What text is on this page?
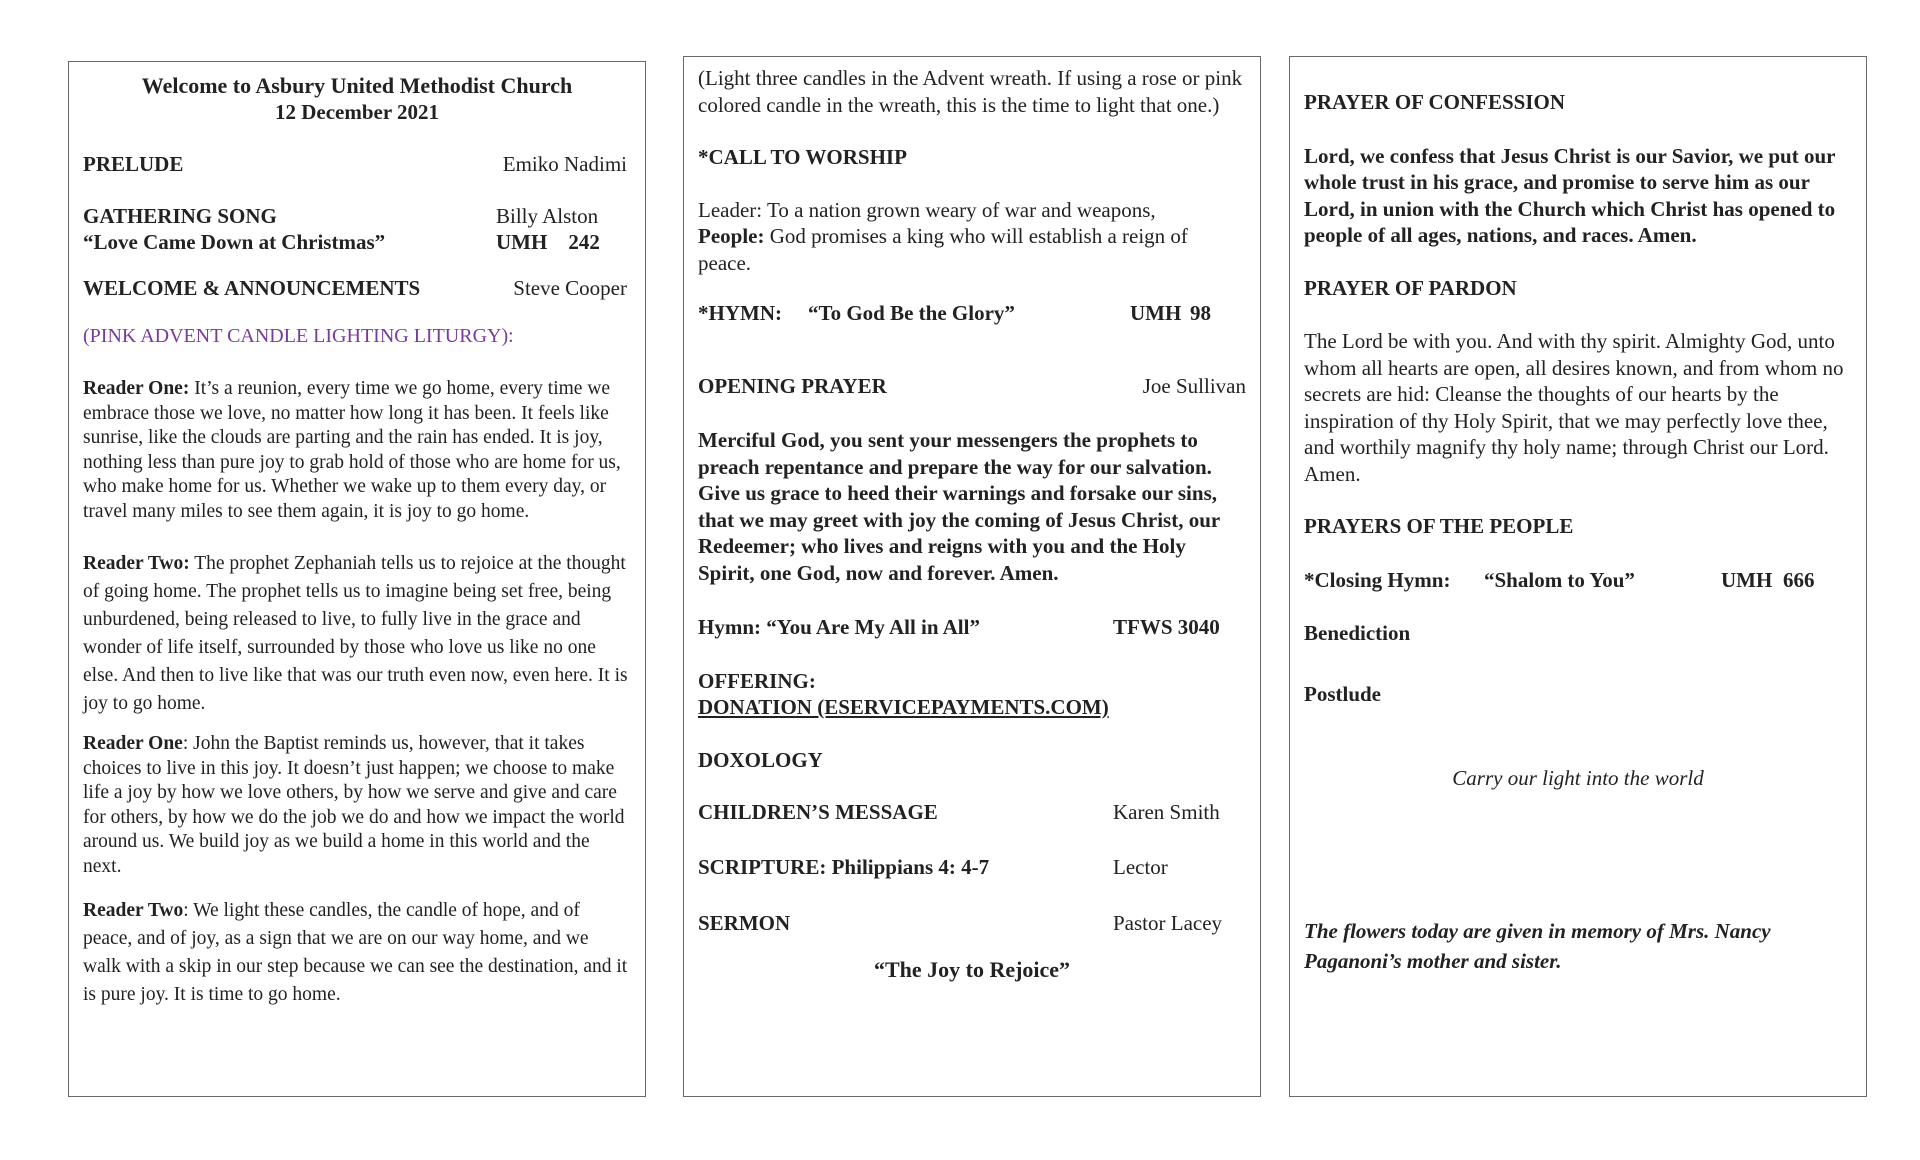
Welcome to Asbury United Methodist Church
12 December 2021
PRELUDE	Emiko Nadimi
GATHERING SONG	Billy Alston
“Love Came Down at Christmas”	UMH 242
WELCOME & ANNOUNCEMENTS	Steve Cooper
(PINK ADVENT CANDLE LIGHTING LITURGY):

Reader One: It’s a reunion, every time we go home, every time we embrace those we love, no matter how long it has been. It feels like sunrise, like the clouds are parting and the rain has ended. It is joy, nothing less than pure joy to grab hold of those who are home for us, who make home for us. Whether we wake up to them every day, or travel many miles to see them again, it is joy to go home.

Reader Two: The prophet Zephaniah tells us to rejoice at the thought of going home. The prophet tells us to imagine being set free, being unburdened, being released to live, to fully live in the grace and wonder of life itself, surrounded by those who love us like no one else. And then to live like that was our truth even now, even here. It is joy to go home.

Reader One: John the Baptist reminds us, however, that it takes choices to live in this joy. It doesn’t just happen; we choose to make life a joy by how we love others, by how we serve and give and care for others, by how we do the job we do and how we impact the world around us. We build joy as we build a home in this world and the next.

Reader Two: We light these candles, the candle of hope, and of peace, and of joy, as a sign that we are on our way home, and we walk with a skip in our step because we can see the destination, and it is pure joy. It is time to go home.

(Light three candles in the Advent wreath. If using a rose or pink colored candle in the wreath, this is the time to light that one.)
*CALL TO WORSHIP

Leader: To a nation grown weary of war and weapons,
People: God promises a king who will establish a reign of peace.

*HYMN:	“To God Be the Glory”	UMH 98
OPENING PRAYER	Joe Sullivan

Merciful God, you sent your messengers the prophets to preach repentance and prepare the way for our salvation. Give us grace to heed their warnings and forsake our sins, that we may greet with joy the coming of Jesus Christ, our Redeemer; who lives and reigns with you and the Holy Spirit, one God, now and forever. Amen.

Hymn: “You Are My All in All”	TFWS 3040
OFFERING:
DONATION (ESERVICEPAYMENTS.COM)
DOXOLOGY
CHILDREN’S MESSAGE	Karen Smith
SCRIPTURE: Philippians 4: 4-7	Lector
SERMON	Pastor Lacey
“The Joy to Rejoice”
PRAYER OF CONFESSION

Lord, we confess that Jesus Christ is our Savior, we put our whole trust in his grace, and promise to serve him as our Lord, in union with the Church which Christ has opened to people of all ages, nations, and races. Amen.

PRAYER OF PARDON

The Lord be with you. And with thy spirit. Almighty God, unto whom all hearts are open, all desires known, and from whom no secrets are hid: Cleanse the thoughts of our hearts by the inspiration of thy Holy Spirit, that we may perfectly love thee, and worthily magnify thy holy name; through Christ our Lord. Amen.

PRAYERS OF THE PEOPLE
*Closing Hymn:	“Shalom to You”	UMH 666
Benediction
Postlude
Carry our light into the world

The flowers today are given in memory of Mrs. Nancy Paganoni’s mother and sister.
